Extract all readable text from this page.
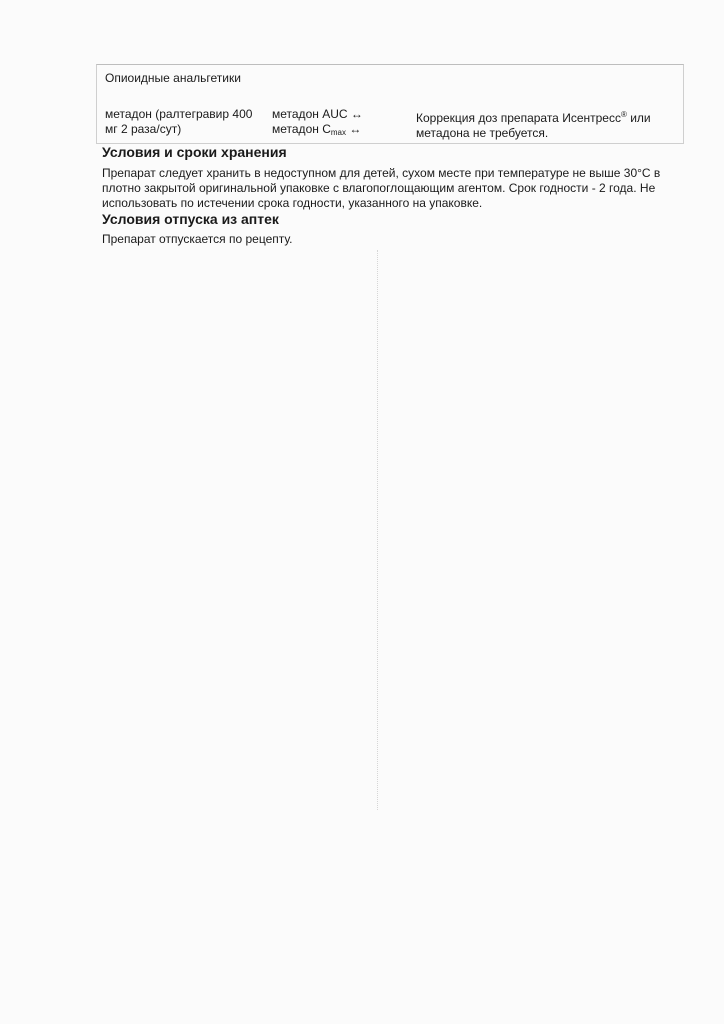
Опиоидные анальгетики
метадон (ралтегравир 400
мг 2 раза/сут)
метадон AUC ↔
метадон $C_{max}$ ↔
Коррекция доз препарата Исентресс® или
метадона не требуется.
Условия и сроки хранения
Препарат следует хранить в недоступном для детей, сухом месте при температуре не выше 30°C в
плотно закрытой оригинальной упаковке с влагопоглощающим агентом. Срок годности - 2 года. Не
использовать по истечении срока годности, указанного на упаковке.
Условия отпуска из аптек
Препарат отпускается по рецепту.
